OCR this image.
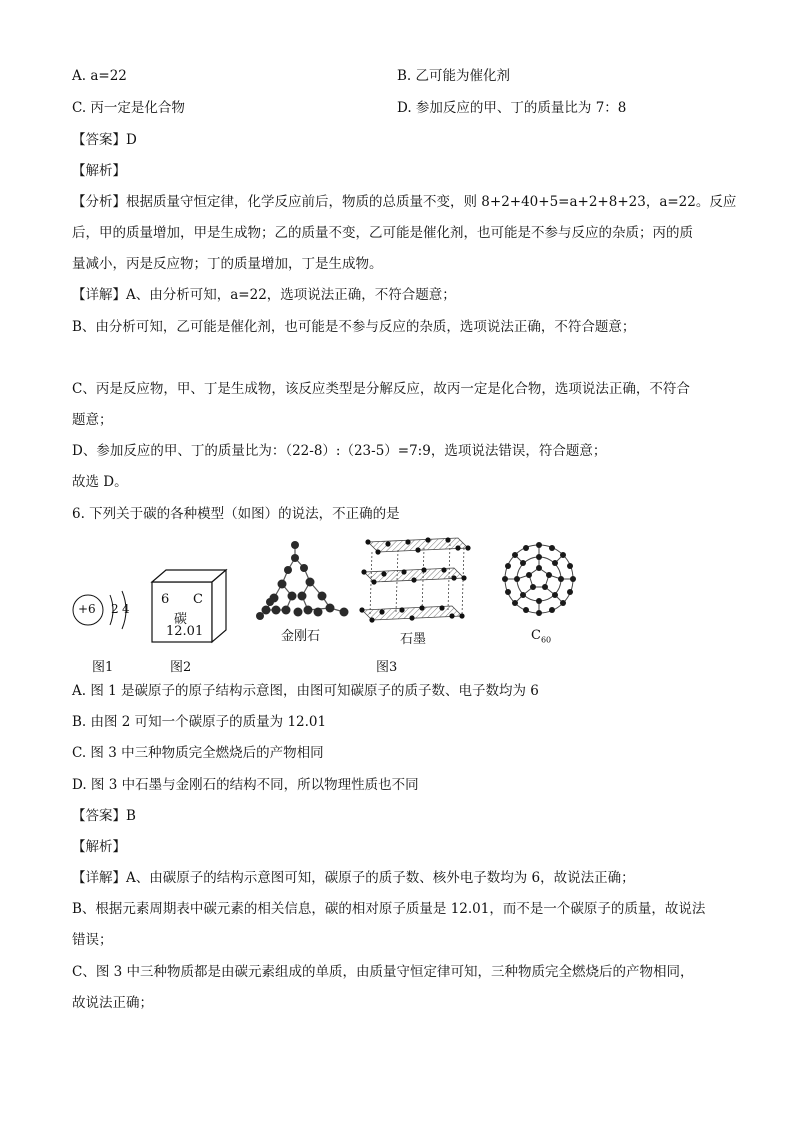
A. a=22	B. 乙可能为催化剂
C. 丙一定是化合物	D. 参加反应的甲、丁的质量比为 7：8
【答案】D
【解析】
【分析】根据质量守恒定律，化学反应前后，物质的总质量不变，则 8+2+40+5=a+2+8+23，a=22。反应
后，甲的质量增加，甲是生成物；乙的质量不变，乙可能是催化剂，也可能是不参与反应的杂质；丙的质
量减小，丙是反应物；丁的质量增加，丁是生成物。
【详解】A、由分析可知，a=22，选项说法正确，不符合题意；
B、由分析可知，乙可能是催化剂，也可能是不参与反应的杂质，选项说法正确，不符合题意；
C、丙是反应物，甲、丁是生成物，该反应类型是分解反应，故丙一定是化合物，选项说法正确，不符合
题意；
D、参加反应的甲、丁的质量比为：（22-8）:（23-5）=7:9，选项说法错误，符合题意；
故选 D。
6. 下列关于碳的各种模型（如图）的说法，不正确的是
+6 2 4
6 C
碳
12.01	金刚石	石墨	$C_{60}$
图1	图2	图3
A. 图 1 是碳原子的原子结构示意图，由图可知碳原子的质子数、电子数均为 6
B. 由图 2 可知一个碳原子的质量为 12.01
C. 图 3 中三种物质完全燃烧后的产物相同
D. 图 3 中石墨与金刚石的结构不同，所以物理性质也不同
【答案】B
【解析】
【详解】A、由碳原子的结构示意图可知，碳原子的质子数、核外电子数均为 6，故说法正确；
B、根据元素周期表中碳元素的相关信息，碳的相对原子质量是 12.01，而不是一个碳原子的质量，故说法
错误；
C、图 3 中三种物质都是由碳元素组成的单质，由质量守恒定律可知，三种物质完全燃烧后的产物相同，
故说法正确；
